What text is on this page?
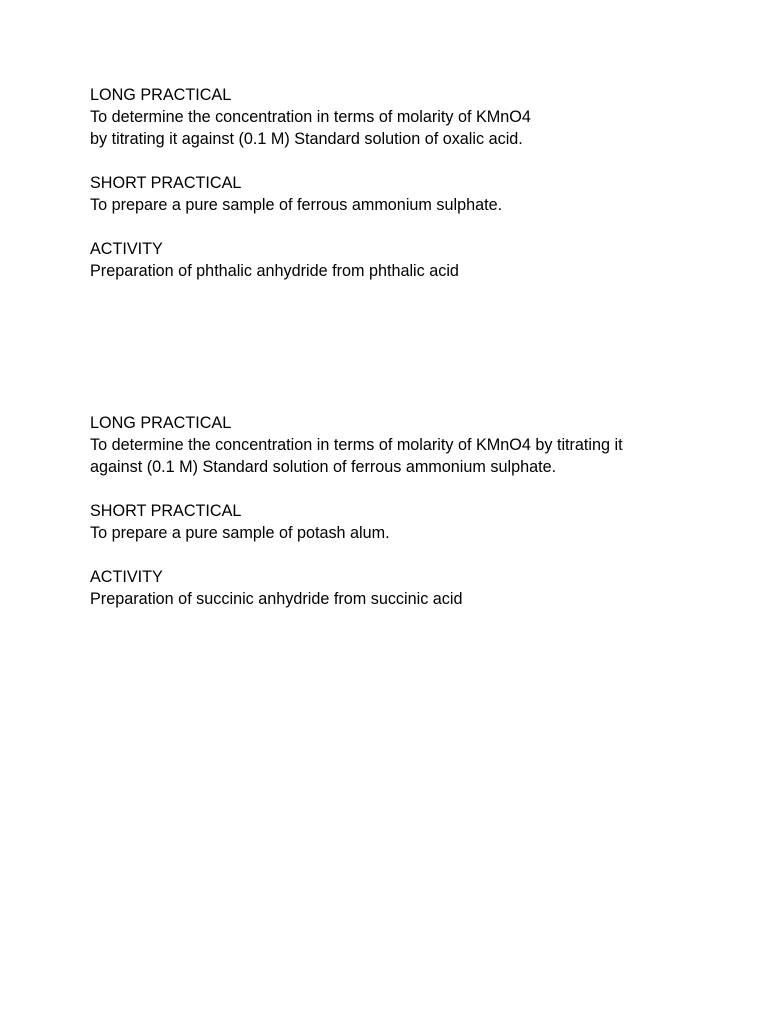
LONG PRACTICAL

To determine the concentration in terms of molarity of KMnO4

by titrating it against (0.1 M) Standard solution of oxalic acid.

SHORT PRACTICAL

To prepare a pure sample of ferrous ammonium sulphate.

ACTIVITY

Preparation of phthalic anhydride from phthalic acid

LONG PRACTICAL

To determine the concentration in terms of molarity of KMnO4 by titrating it

against (0.1 M) Standard solution of ferrous ammonium sulphate.

SHORT PRACTICAL

To prepare a pure sample of potash alum.

ACTIVITY

Preparation of succinic anhydride from succinic acid
